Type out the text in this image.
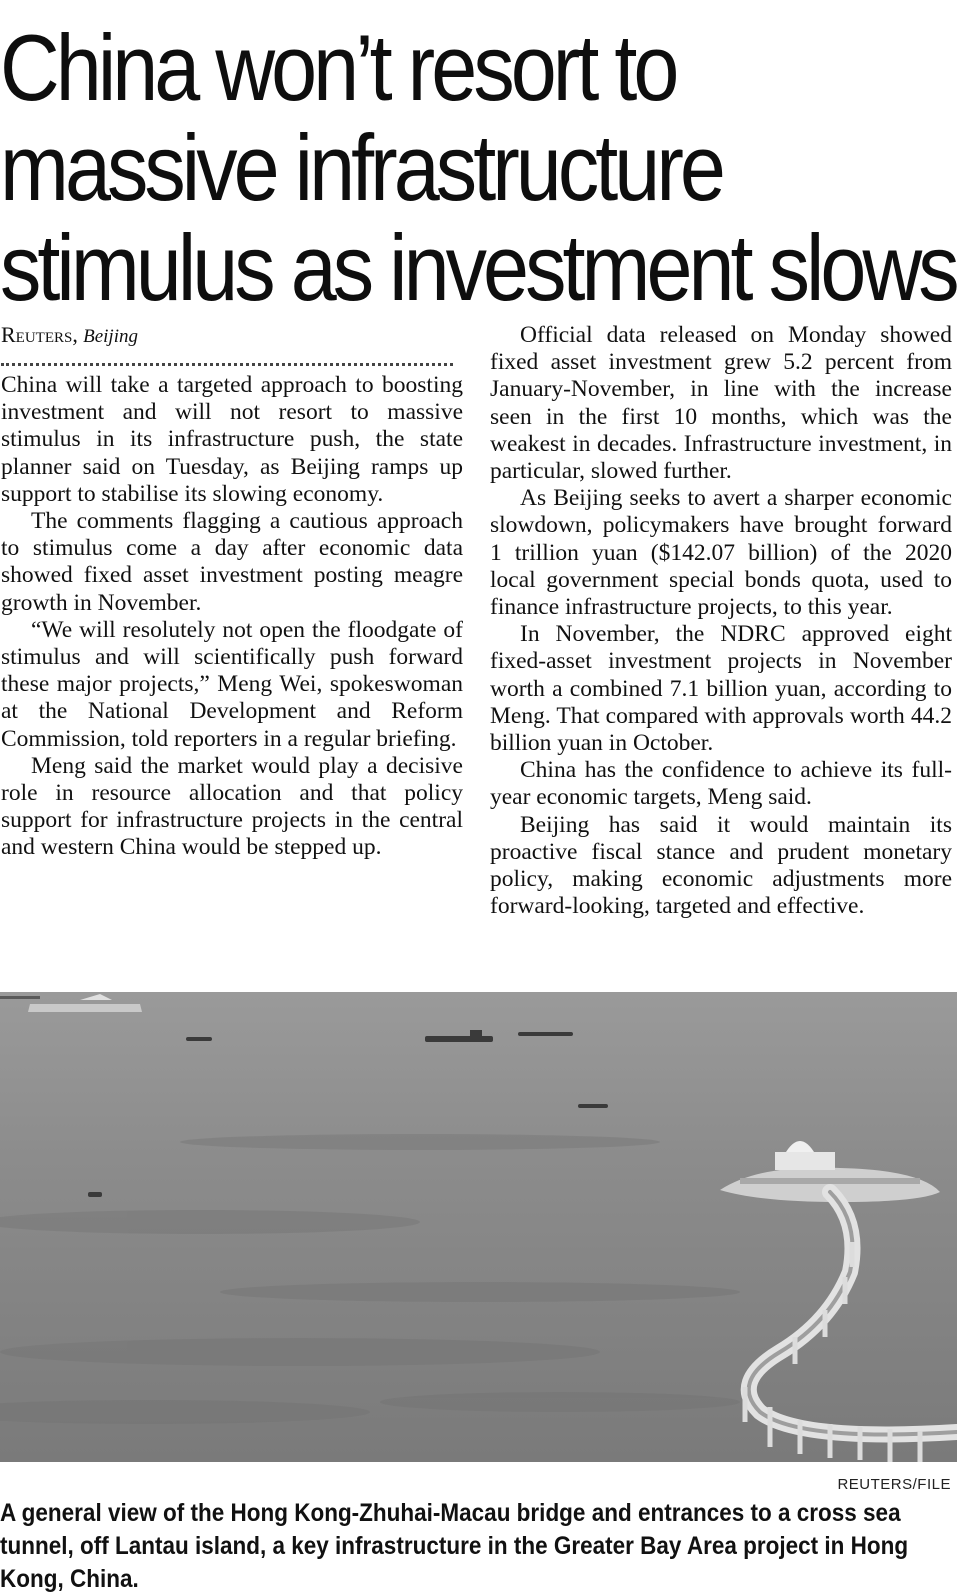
China won’t resort to massive infrastructure stimulus as investment slows
Reuters, Beijing

China will take a targeted approach to boosting investment and will not resort to massive stimulus in its infrastructure push, the state planner said on Tuesday, as Beijing ramps up support to stabilise its slowing economy.

The comments flagging a cautious approach to stimulus come a day after economic data showed fixed asset investment posting meagre growth in November.

“We will resolutely not open the floodgate of stimulus and will scientifically push forward these major projects,” Meng Wei, spokeswoman at the National Development and Reform Commission, told reporters in a regular briefing.

Meng said the market would play a decisive role in resource allocation and that policy support for infrastructure projects in the central and western China would be stepped up.

Official data released on Monday showed fixed asset investment grew 5.2 percent from January-November, in line with the increase seen in the first 10 months, which was the weakest in decades. Infrastructure investment, in particular, slowed further.

As Beijing seeks to avert a sharper economic slowdown, policymakers have brought forward 1 trillion yuan ($142.07 billion) of the 2020 local government special bonds quota, used to finance infrastructure projects, to this year.

In November, the NDRC approved eight fixed-asset investment projects in November worth a combined 7.1 billion yuan, according to Meng. That compared with approvals worth 44.2 billion yuan in October.

China has the confidence to achieve its full-year economic targets, Meng said.

Beijing has said it would maintain its proactive fiscal stance and prudent monetary policy, making economic adjustments more forward-looking, targeted and effective.

REUTERS/FILE

A general view of the Hong Kong-Zhuhai-Macau bridge and entrances to a cross sea tunnel, off Lantau island, a key infrastructure in the Greater Bay Area project in Hong Kong, China.
